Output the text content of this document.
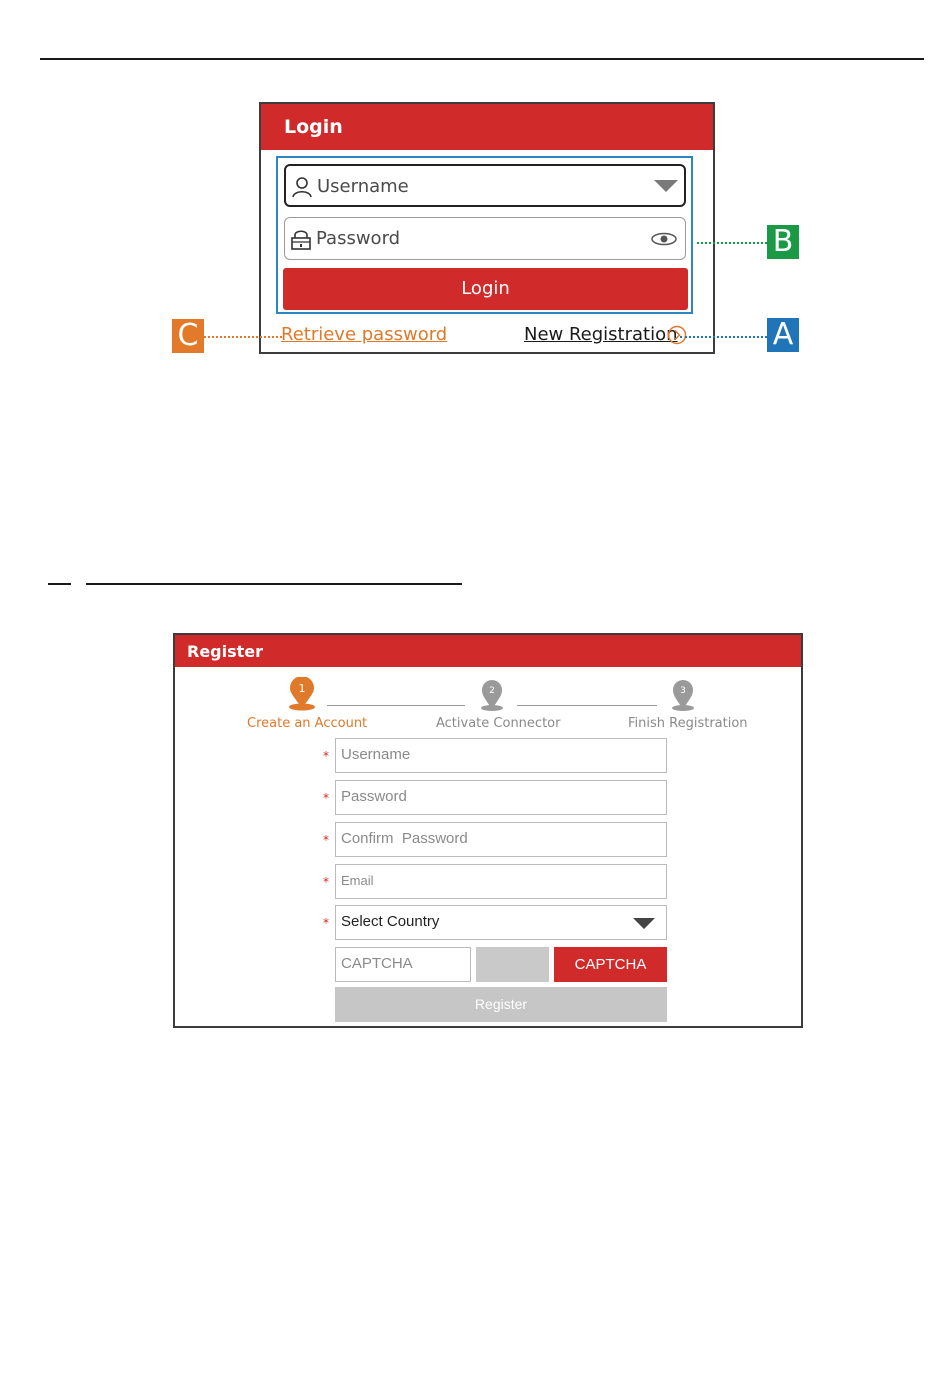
Login
Username
Password
Login
Retrieve password	New Registration
B
A
C
Register
1	2	3
Create an Account	Activate Connector	Finish Registration
* Username
* Password
* Confirm  Password
* Email
* Select Country
CAPTCHA	CAPTCHA
Register
